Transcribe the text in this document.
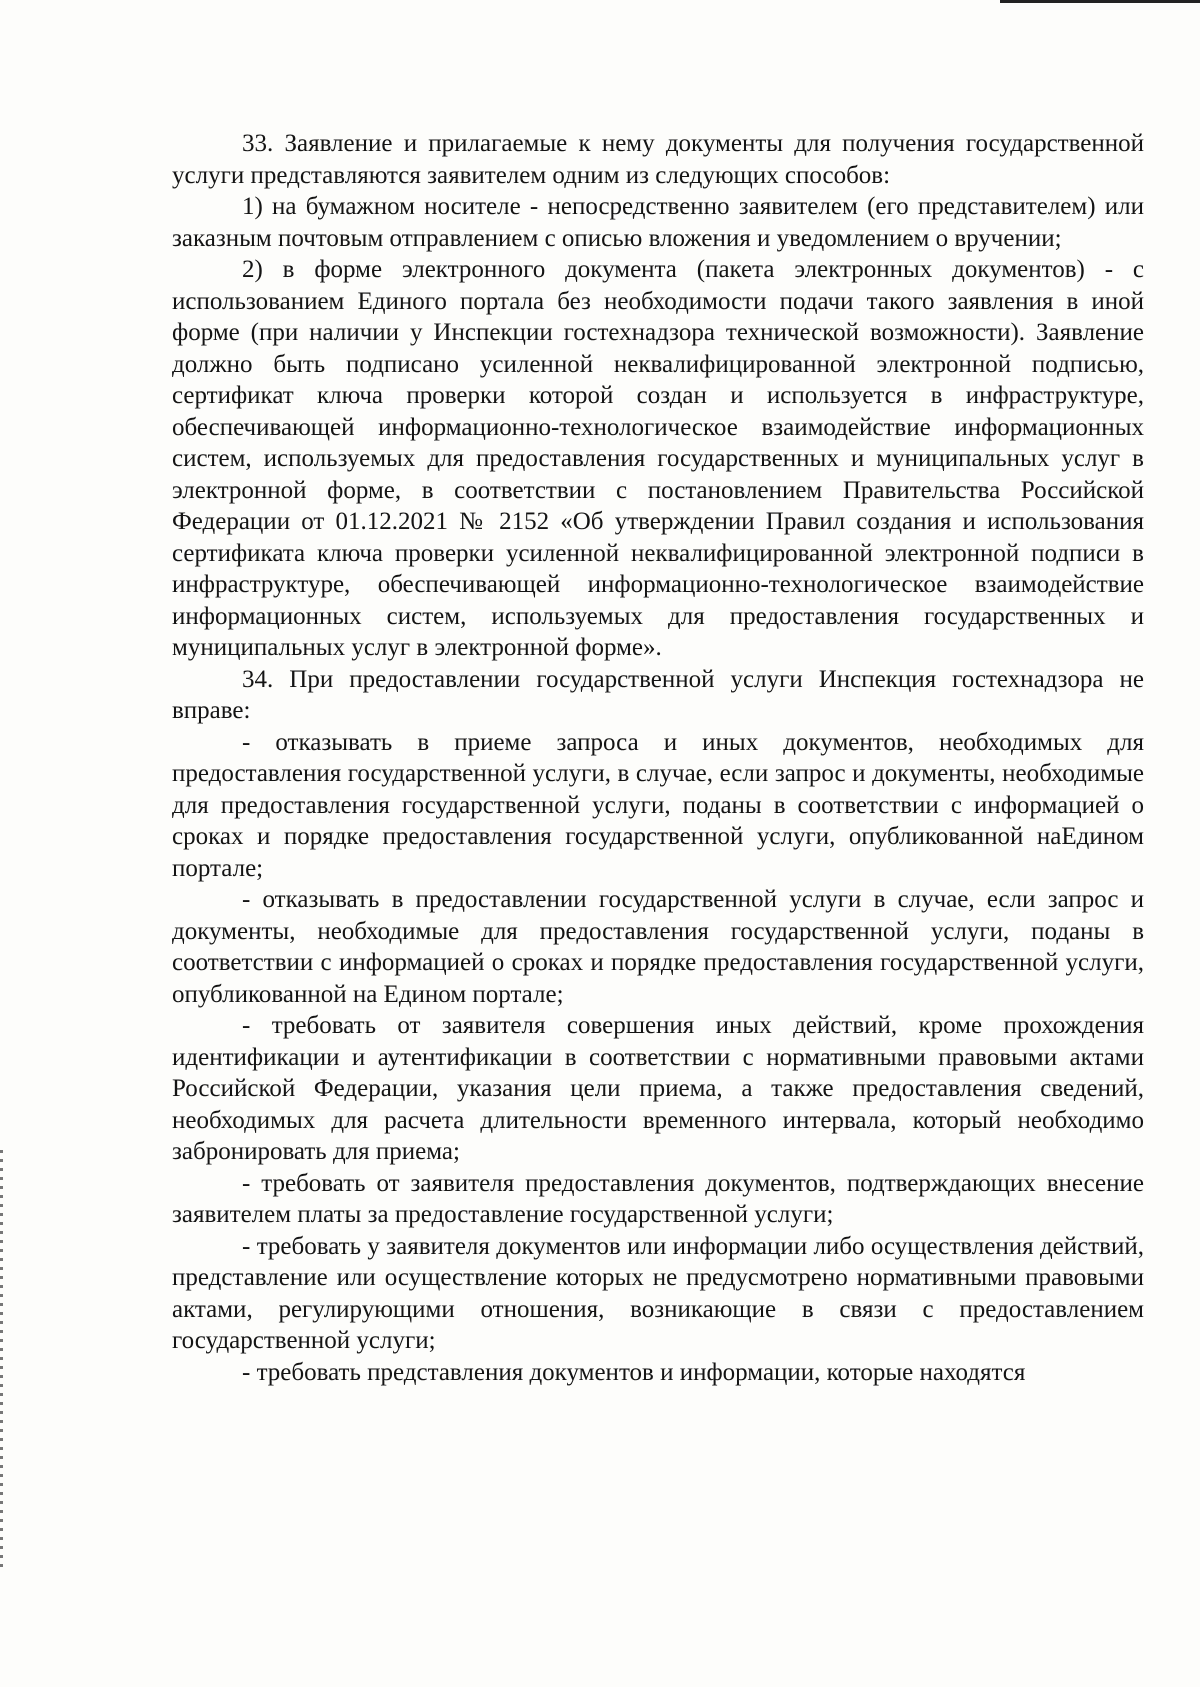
33. Заявление и прилагаемые к нему документы для получения государственной услуги представляются заявителем одним из следующих способов:

1) на бумажном носителе - непосредственно заявителем (его представителем) или заказным почтовым отправлением с описью вложения и уведомлением о вручении;

2) в форме электронного документа (пакета электронных документов) - с использованием Единого портала без необходимости подачи такого заявления в иной форме (при наличии у Инспекции гостехнадзора технической возможности). Заявление должно быть подписано усиленной неквалифицированной электронной подписью, сертификат ключа проверки которой создан и используется в инфраструктуре, обеспечивающей информационно-технологическое взаимодействие информационных систем, используемых для предоставления государственных и муниципальных услуг в электронной форме, в соответствии с постановлением Правительства Российской Федерации от 01.12.2021 № 2152 «Об утверждении Правил создания и использования сертификата ключа проверки усиленной неквалифицированной электронной подписи в инфраструктуре, обеспечивающей информационно-технологическое взаимодействие информационных систем, используемых для предоставления государственных и муниципальных услуг в электронной форме».

34. При предоставлении государственной услуги Инспекция гостехнадзора не вправе:

- отказывать в приеме запроса и иных документов, необходимых для предоставления государственной услуги, в случае, если запрос и документы, необходимые для предоставления государственной услуги, поданы в соответствии с информацией о сроках и порядке предоставления государственной услуги, опубликованной наЕдином портале;

- отказывать в предоставлении государственной услуги в случае, если запрос и документы, необходимые для предоставления государственной услуги, поданы в соответствии с информацией о сроках и порядке предоставления государственной услуги, опубликованной на Едином портале;

- требовать от заявителя совершения иных действий, кроме прохождения идентификации и аутентификации в соответствии с нормативными правовыми актами Российской Федерации, указания цели приема, а также предоставления сведений, необходимых для расчета длительности временного интервала, который необходимо забронировать для приема;

- требовать от заявителя предоставления документов, подтверждающих внесение заявителем платы за предоставление государственной услуги;

- требовать у заявителя документов или информации либо осуществления действий, представление или осуществление которых не предусмотрено нормативными правовыми актами, регулирующими отношения, возникающие в связи с предоставлением государственной услуги;

- требовать представления документов и информации, которые находятся
